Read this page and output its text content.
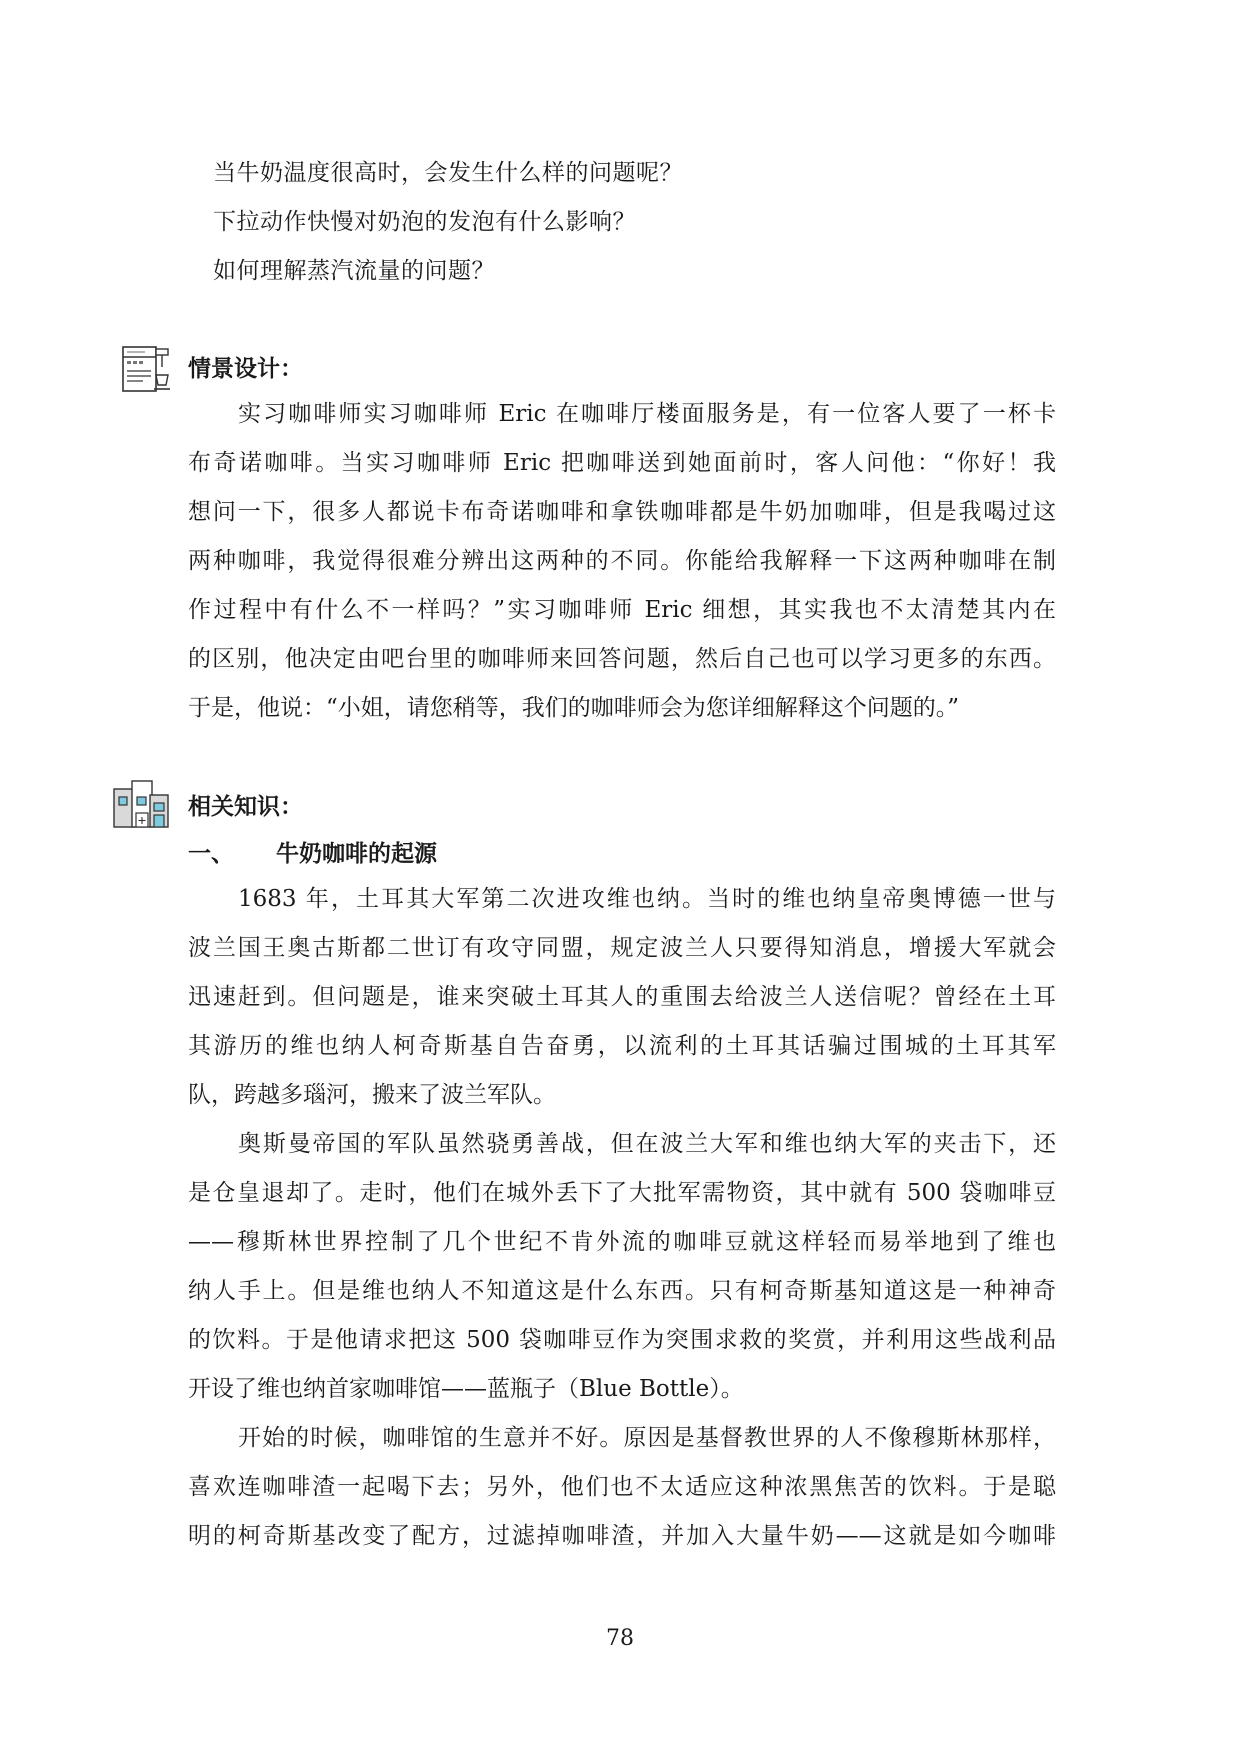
当牛奶温度很高时，会发生什么样的问题呢？
下拉动作快慢对奶泡的发泡有什么影响？
如何理解蒸汽流量的问题？
情景设计：
实习咖啡师实习咖啡师 Eric 在咖啡厅楼面服务是，有一位客人要了一杯卡
布奇诺咖啡。当实习咖啡师 Eric 把咖啡送到她面前时，客人问他：“你好！我
想问一下，很多人都说卡布奇诺咖啡和拿铁咖啡都是牛奶加咖啡，但是我喝过这
两种咖啡，我觉得很难分辨出这两种的不同。你能给我解释一下这两种咖啡在制
作过程中有什么不一样吗？”实习咖啡师 Eric 细想，其实我也不太清楚其内在
的区别，他决定由吧台里的咖啡师来回答问题，然后自己也可以学习更多的东西。
于是，他说：“小姐，请您稍等，我们的咖啡师会为您详细解释这个问题的。”
相关知识：
一、 牛奶咖啡的起源
1683 年，土耳其大军第二次进攻维也纳。当时的维也纳皇帝奥博德一世与
波兰国王奥古斯都二世订有攻守同盟，规定波兰人只要得知消息，增援大军就会
迅速赶到。但问题是，谁来突破土耳其人的重围去给波兰人送信呢？曾经在土耳
其游历的维也纳人柯奇斯基自告奋勇，以流利的土耳其话骗过围城的土耳其军
队，跨越多瑙河，搬来了波兰军队。
奥斯曼帝国的军队虽然骁勇善战，但在波兰大军和维也纳大军的夹击下，还
是仓皇退却了。走时，他们在城外丢下了大批军需物资，其中就有 500 袋咖啡豆
——穆斯林世界控制了几个世纪不肯外流的咖啡豆就这样轻而易举地到了维也
纳人手上。但是维也纳人不知道这是什么东西。只有柯奇斯基知道这是一种神奇
的饮料。于是他请求把这 500 袋咖啡豆作为突围求救的奖赏，并利用这些战利品
开设了维也纳首家咖啡馆——蓝瓶子（Blue Bottle）。
开始的时候，咖啡馆的生意并不好。原因是基督教世界的人不像穆斯林那样，
喜欢连咖啡渣一起喝下去；另外，他们也不太适应这种浓黑焦苦的饮料。于是聪
明的柯奇斯基改变了配方，过滤掉咖啡渣，并加入大量牛奶——这就是如今咖啡
78
